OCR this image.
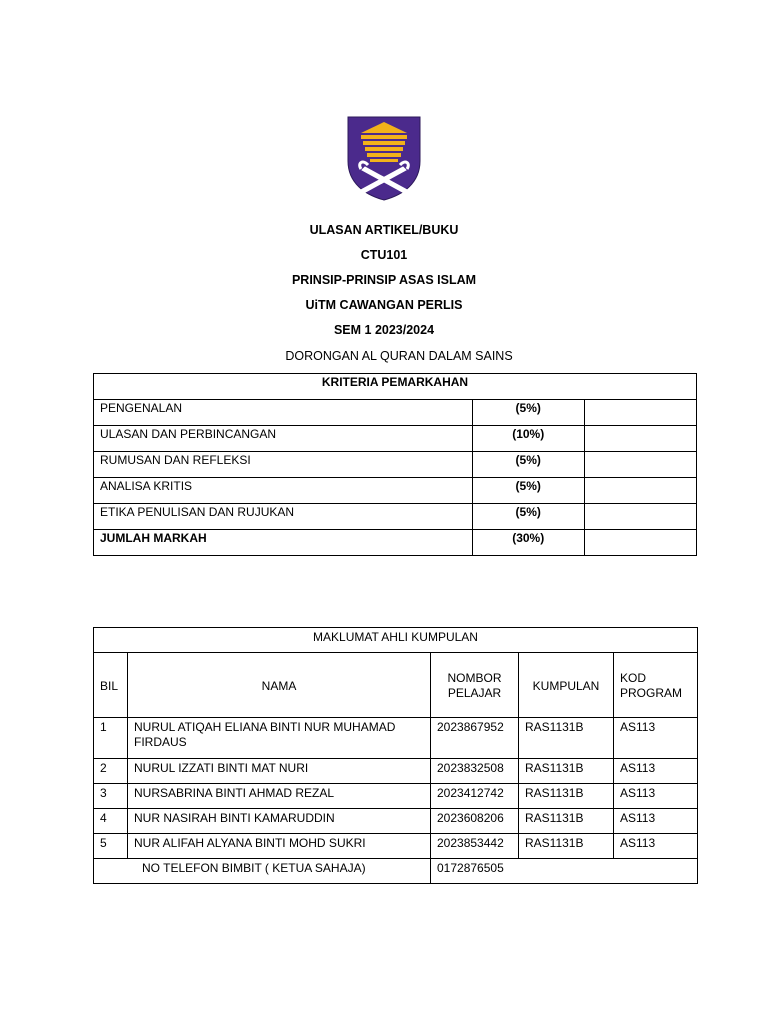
ULASAN ARTIKEL/BUKU
CTU101
PRINSIP-PRINSIP ASAS ISLAM
UiTM CAWANGAN PERLIS
SEM 1 2023/2024
DORONGAN AL QURAN DALAM SAINS
KRITERIA PEMARKAHAN		
PENGENALAN	(5%)	
ULASAN DAN PERBINCANGAN	(10%)	
RUMUSAN DAN REFLEKSI	(5%)	
ANALISA KRITIS	(5%)	
ETIKA PENULISAN DAN RUJUKAN	(5%)	
JUMLAH MARKAH	(30%)	
MAKLUMAT AHLI KUMPULAN				
BIL	NAMA	NOMBOR PELAJAR	KUMPULAN	KOD PROGRAM
1	NURUL ATIQAH ELIANA BINTI NUR MUHAMAD FIRDAUS	2023867952	RAS1131B	AS113
2	NURUL IZZATI BINTI MAT NURI	2023832508	RAS1131B	AS113
3	NURSABRINA BINTI AHMAD REZAL	2023412742	RAS1131B	AS113
4	NUR NASIRAH BINTI KAMARUDDIN	2023608206	RAS1131B	AS113
5	NUR ALIFAH ALYANA BINTI MOHD SUKRI	2023853442	RAS1131B	AS113
NO TELEFON BIMBIT ( KETUA SAHAJA)		0172876505		
